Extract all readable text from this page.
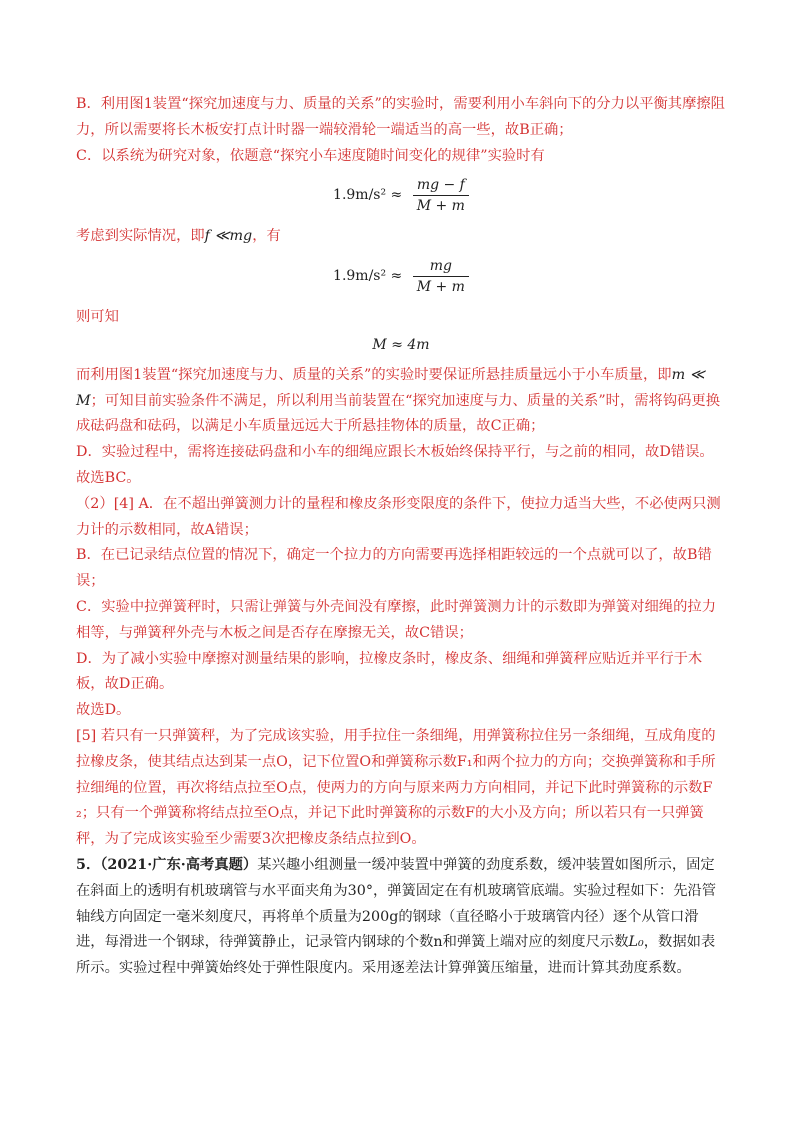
B．利用图1装置“探究加速度与力、质量的关系”的实验时，需要利用小车斜向下的分力以平衡其摩擦阻力，所以需要将长木板安打点计时器一端较滑轮一端适当的高一些，故B正确；

C．以系统为研究对象，依题意“探究小车速度随时间变化的规律”实验时有

$1.9m/s^2 \approx \frac{mg - f}{M + m}$

考虑到实际情况，即f ≪mg，有

$1.9m/s^2 \approx \frac{mg}{M + m}$

则可知

M ≈ 4m

而利用图1装置“探究加速度与力、质量的关系”的实验时要保证所悬挂质量远小于小车质量，即m ≪M；可知目前实验条件不满足，所以利用当前装置在“探究加速度与力、质量的关系”时，需将钩码更换成砝码盘和砝码，以满足小车质量远远大于所悬挂物体的质量，故C正确；

D．实验过程中，需将连接砝码盘和小车的细绳应跟长木板始终保持平行，与之前的相同，故D错误。

故选BC。

（2）[4] A．在不超出弹簧测力计的量程和橡皮条形变限度的条件下，使拉力适当大些，不必使两只测力计的示数相同，故A错误；

B．在已记录结点位置的情况下，确定一个拉力的方向需要再选择相距较远的一个点就可以了，故B错误；

C．实验中拉弹簧秤时，只需让弹簧与外壳间没有摩擦，此时弹簧测力计的示数即为弹簧对细绳的拉力相等，与弹簧秤外壳与木板之间是否存在摩擦无关，故C错误；

D．为了减小实验中摩擦对测量结果的影响，拉橡皮条时，橡皮条、细绳和弹簧秤应贴近并平行于木板，故D正确。

故选D。

[5] 若只有一只弹簧秤，为了完成该实验，用手拉住一条细绳，用弹簧称拉住另一条细绳，互成角度的拉橡皮条，使其结点达到某一点O，记下位置O和弹簧称示数F₁和两个拉力的方向；交换弹簧称和手所拉细绳的位置，再次将结点拉至O点，使两力的方向与原来两力方向相同，并记下此时弹簧称的示数F₂；只有一个弹簧称将结点拉至O点，并记下此时弹簧称的示数F的大小及方向；所以若只有一只弹簧秤，为了完成该实验至少需要3次把橡皮条结点拉到O。

5．（2021·广东·高考真题）某兴趣小组测量一缓冲装置中弹簧的劲度系数，缓冲装置如图所示，固定在斜面上的透明有机玻璃管与水平面夹角为30°，弹簧固定在有机玻璃管底端。实验过程如下：先沿管轴线方向固定一毫米刻度尺，再将单个质量为200g的钢球（直径略小于玻璃管内径）逐个从管口滑进，每滑进一个钢球，待弹簧静止，记录管内钢球的个数n和弹簧上端对应的刻度尺示数L₀，数据如表所示。实验过程中弹簧始终处于弹性限度内。采用逐差法计算弹簧压缩量，进而计算其劲度系数。
